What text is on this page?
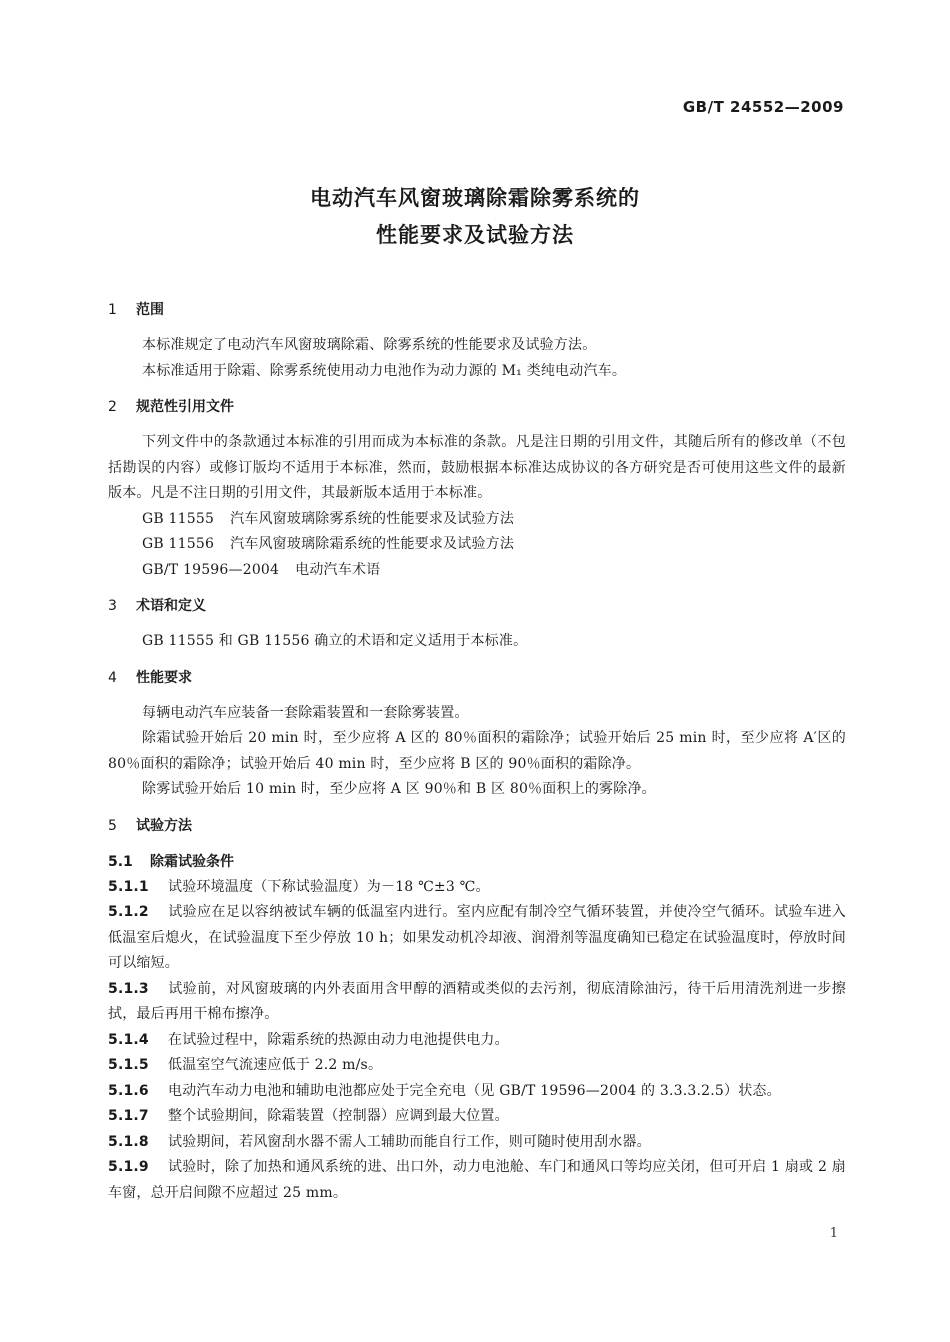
GB/T 24552—2009
电动汽车风窗玻璃除霜除雾系统的
性能要求及试验方法
1 范围

本标准规定了电动汽车风窗玻璃除霜、除雾系统的性能要求及试验方法。

本标准适用于除霜、除雾系统使用动力电池作为动力源的 M₁ 类纯电动汽车。

2 规范性引用文件

下列文件中的条款通过本标准的引用而成为本标准的条款。凡是注日期的引用文件，其随后所有的修改单（不包括勘误的内容）或修订版均不适用于本标准，然而，鼓励根据本标准达成协议的各方研究是否可使用这些文件的最新版本。凡是不注日期的引用文件，其最新版本适用于本标准。

GB 11555 汽车风窗玻璃除雾系统的性能要求及试验方法

GB 11556 汽车风窗玻璃除霜系统的性能要求及试验方法

GB/T 19596—2004 电动汽车术语

3 术语和定义

GB 11555 和 GB 11556 确立的术语和定义适用于本标准。

4 性能要求

每辆电动汽车应装备一套除霜装置和一套除雾装置。

除霜试验开始后 20 min 时，至少应将 A 区的 80％面积的霜除净；试验开始后 25 min 时，至少应将 A′区的 80％面积的霜除净；试验开始后 40 min 时，至少应将 B 区的 90％面积的霜除净。

除雾试验开始后 10 min 时，至少应将 A 区 90％和 B 区 80％面积上的雾除净。

5 试验方法
5.1 除霜试验条件

5.1.1 试验环境温度（下称试验温度）为－18 ℃±3 ℃。

5.1.2 试验应在足以容纳被试车辆的低温室内进行。室内应配有制冷空气循环装置，并使冷空气循环。试验车进入低温室后熄火，在试验温度下至少停放 10 h；如果发动机冷却液、润滑剂等温度确知已稳定在试验温度时，停放时间可以缩短。

5.1.3 试验前，对风窗玻璃的内外表面用含甲醇的酒精或类似的去污剂，彻底清除油污，待干后用清洗剂进一步擦拭，最后再用干棉布擦净。

5.1.4 在试验过程中，除霜系统的热源由动力电池提供电力。

5.1.5 低温室空气流速应低于 2.2 m/s。

5.1.6 电动汽车动力电池和辅助电池都应处于完全充电（见 GB/T 19596—2004 的 3.3.3.2.5）状态。

5.1.7 整个试验期间，除霜装置（控制器）应调到最大位置。

5.1.8 试验期间，若风窗刮水器不需人工辅助而能自行工作，则可随时使用刮水器。

5.1.9 试验时，除了加热和通风系统的进、出口外，动力电池舱、车门和通风口等均应关闭，但可开启 1 扇或 2 扇车窗，总开启间隙不应超过 25 mm。

1
